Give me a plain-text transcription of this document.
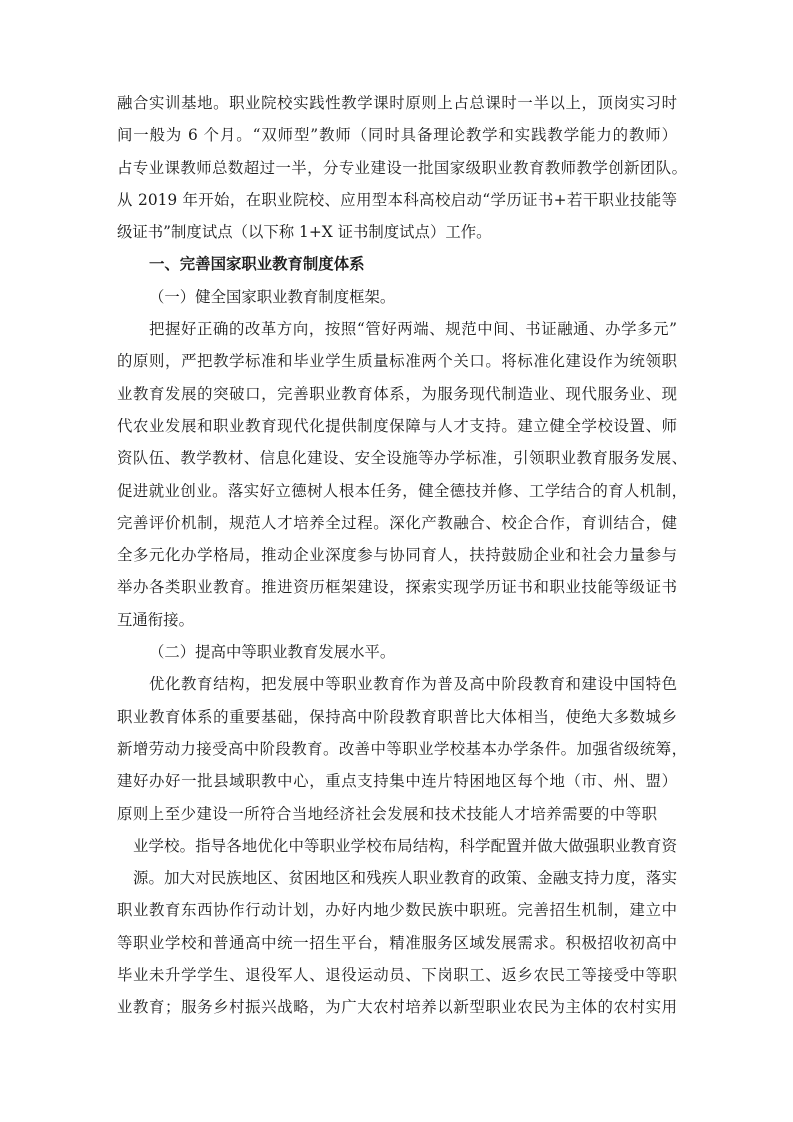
融合实训基地。职业院校实践性教学课时原则上占总课时一半以上，顶岗实习时
间一般为 6 个月。“双师型”教师（同时具备理论教学和实践教学能力的教师）
占专业课教师总数超过一半，分专业建设一批国家级职业教育教师教学创新团队。
从 2019 年开始，在职业院校、应用型本科高校启动“学历证书+若干职业技能等
级证书”制度试点（以下称 1+X 证书制度试点）工作。
一、完善国家职业教育制度体系
（一）健全国家职业教育制度框架。
把握好正确的改革方向，按照“管好两端、规范中间、书证融通、办学多元”
的原则，严把教学标准和毕业学生质量标准两个关口。将标准化建设作为统领职
业教育发展的突破口，完善职业教育体系，为服务现代制造业、现代服务业、现
代农业发展和职业教育现代化提供制度保障与人才支持。建立健全学校设置、师
资队伍、教学教材、信息化建设、安全设施等办学标准，引领职业教育服务发展、
促进就业创业。落实好立德树人根本任务，健全德技并修、工学结合的育人机制，
完善评价机制，规范人才培养全过程。深化产教融合、校企合作，育训结合，健
全多元化办学格局，推动企业深度参与协同育人，扶持鼓励企业和社会力量参与
举办各类职业教育。推进资历框架建设，探索实现学历证书和职业技能等级证书
互通衔接。
（二）提高中等职业教育发展水平。
优化教育结构，把发展中等职业教育作为普及高中阶段教育和建设中国特色
职业教育体系的重要基础，保持高中阶段教育职普比大体相当，使绝大多数城乡
新增劳动力接受高中阶段教育。改善中等职业学校基本办学条件。加强省级统筹，
建好办好一批县域职教中心，重点支持集中连片特困地区每个地（市、州、盟）
原则上至少建设一所符合当地经济社会发展和技术技能人才培养需要的中等职
业学校。指导各地优化中等职业学校布局结构，科学配置并做大做强职业教育资
源。加大对民族地区、贫困地区和残疾人职业教育的政策、金融支持力度，落实
职业教育东西协作行动计划，办好内地少数民族中职班。完善招生机制，建立中
等职业学校和普通高中统一招生平台，精准服务区域发展需求。积极招收初高中
毕业未升学学生、退役军人、退役运动员、下岗职工、返乡农民工等接受中等职
业教育；服务乡村振兴战略，为广大农村培养以新型职业农民为主体的农村实用
